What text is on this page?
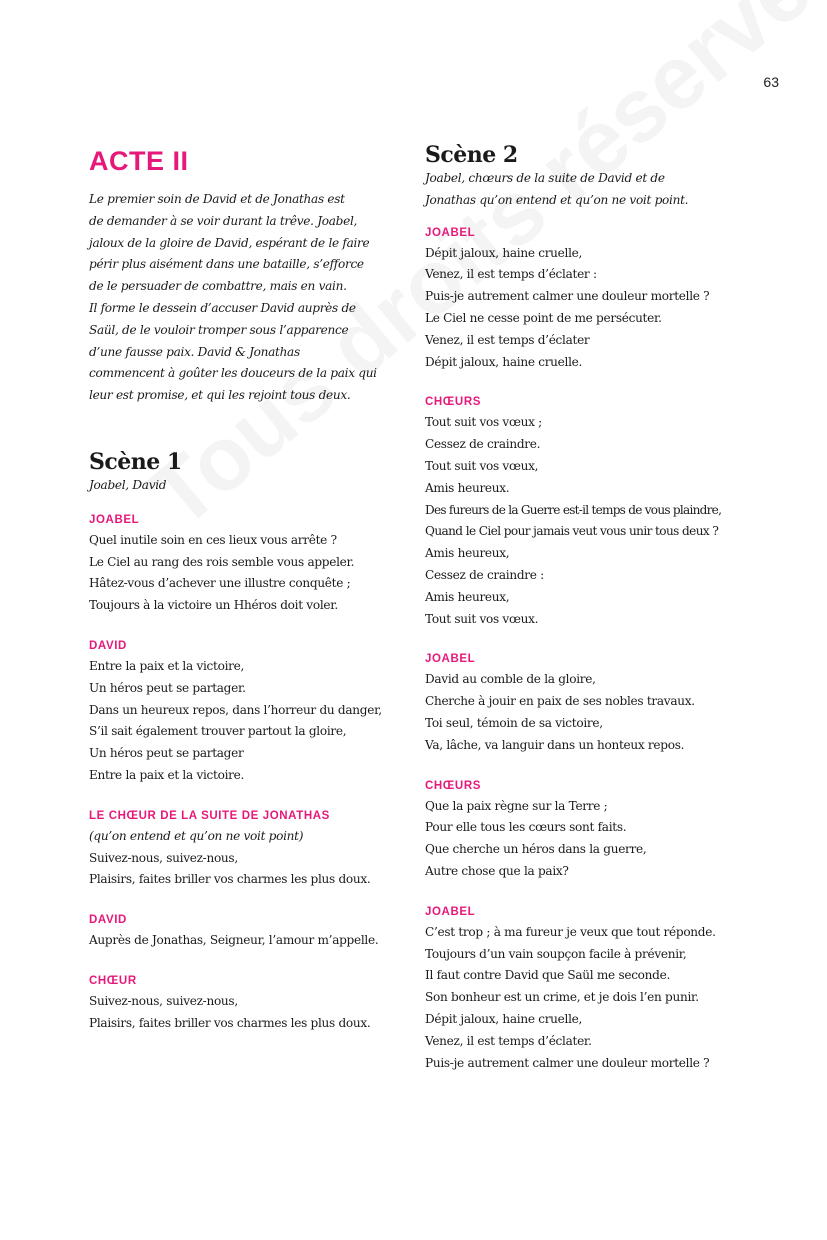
63
ACTE II

Le premier soin de David et de Jonathas est

de demander à se voir durant la trêve. Joabel,

jaloux de la gloire de David, espérant de le faire

périr plus aisément dans une bataille, s’efforce

de le persuader de combattre, mais en vain.

Il forme le dessein d’accuser David auprès de

Saül, de le vouloir tromper sous l’apparence

d’une fausse paix. David & Jonathas

commencent à goûter les douceurs de la paix qui

leur est promise, et qui les rejoint tous deux.

Scène 1

Joabel, David

JOABEL

Quel inutile soin en ces lieux vous arrête ?

Le Ciel au rang des rois semble vous appeler.

Hâtez-vous d’achever une illustre conquête ;

Toujours à la victoire un Hhéros doit voler.

DAVID

Entre la paix et la victoire,

Un héros peut se partager.

Dans un heureux repos, dans l’horreur du danger,

S’il sait également trouver partout la gloire,

Un héros peut se partager

Entre la paix et la victoire.

LE CHŒUR DE LA SUITE DE JONATHAS

(qu’on entend et qu’on ne voit point)

Suivez-nous, suivez-nous,

Plaisirs, faites briller vos charmes les plus doux.

DAVID

Auprès de Jonathas, Seigneur, l’amour m’appelle.

CHŒUR

Suivez-nous, suivez-nous,

Plaisirs, faites briller vos charmes les plus doux.

Scène 2

Joabel, chœurs de la suite de David et de

Jonathas qu’on entend et qu’on ne voit point.

JOABEL

Dépit jaloux, haine cruelle,

Venez, il est temps d’éclater :

Puis-je autrement calmer une douleur mortelle ?

Le Ciel ne cesse point de me persécuter.

Venez, il est temps d’éclater

Dépit jaloux, haine cruelle.

CHŒURS

Tout suit vos vœux ;

Cessez de craindre.

Tout suit vos vœux,

Amis heureux.

Des fureurs de la Guerre est-il temps de vous plaindre,

Quand le Ciel pour jamais veut vous unir tous deux ?

Amis heureux,

Cessez de craindre :

Amis heureux,

Tout suit vos vœux.

JOABEL

David au comble de la gloire,

Cherche à jouir en paix de ses nobles travaux.

Toi seul, témoin de sa victoire,

Va, lâche, va languir dans un honteux repos.

CHŒURS

Que la paix règne sur la Terre ;

Pour elle tous les cœurs sont faits.

Que cherche un héros dans la guerre,

Autre chose que la paix?

JOABEL

C’est trop ; à ma fureur je veux que tout réponde.

Toujours d’un vain soupçon facile à prévenir,

Il faut contre David que Saül me seconde.

Son bonheur est un crime, et je dois l’en punir.

Dépit jaloux, haine cruelle,

Venez, il est temps d’éclater.

Puis-je autrement calmer une douleur mortelle ?
